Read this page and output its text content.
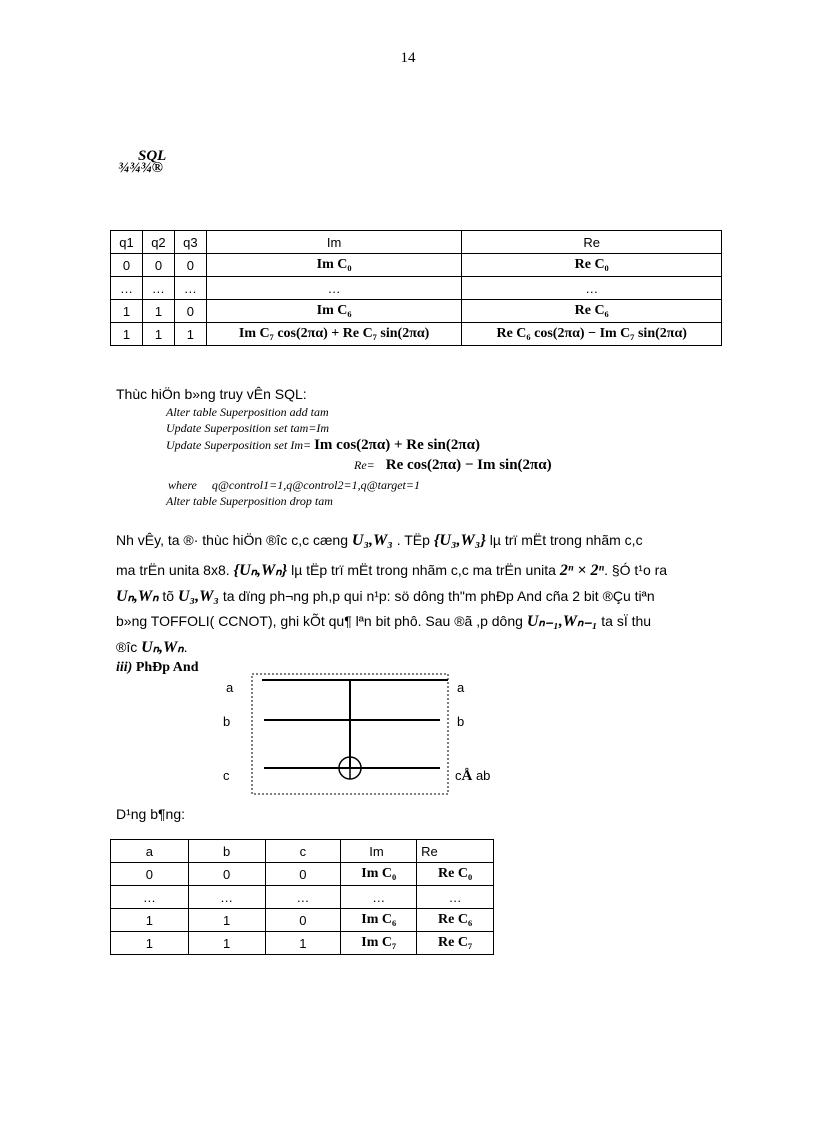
14
SQL
¾¾¾®
q1	q2	q3	Im	Re
0	0	0	Im C₀	Re C₀
…	…	…	…	…
1	1	0	Im C₆	Re C₆
1	1	1	Im C₇ cos(2πα) + Re C₇ sin(2πα)	Re C₆ cos(2πα) − Im C₇ sin(2πα)
Thùc hiÖn b»ng truy vÊn SQL:
Alter table Superposition add tam
Update Superposition set tam=Im
Update Superposition set Im= Im cos(2πα) + Re sin(2πα)
Re= Re cos(2πα) − Im sin(2πα)
where     q@control1=1,q@control2=1,q@target=1
Alter table Superposition drop tam
Nh vÊy, ta ®· thùc hiÖn ®îc c,c cæng U₃,W₃ . TËp {U₃,W₃} lµ trï mËt trong nhãm c,c
ma trËn unita 8x8. {Uₙ,Wₙ} lµ tËp trï mËt trong nhãm c,c ma trËn unita 2ⁿ × 2ⁿ. §Ó t¹o ra
Uₙ,Wₙ tõ U₃,W₃ ta dïng ph¬ng ph,p qui n¹p: sö dông th"m phÐp And cña 2 bit ®Çu tiªn
b»ng TOFFOLI( CCNOT), ghi kÕt qu¶ lªn bit phô. Sau ®ã ,p dông Uₙ₋₁,Wₙ₋₁ ta sÏ thu
®îc Uₙ,Wₙ.
iii) PhÐp And
a
b
c
a
b
cÅ ab
D¹ng b¶ng:
a	b	c	Im	Re
0	0	0	Im C₀	Re C₀
…	…	…	…	…
1	1	0	Im C₆	Re C₆
1	1	1	Im C₇	Re C₇
